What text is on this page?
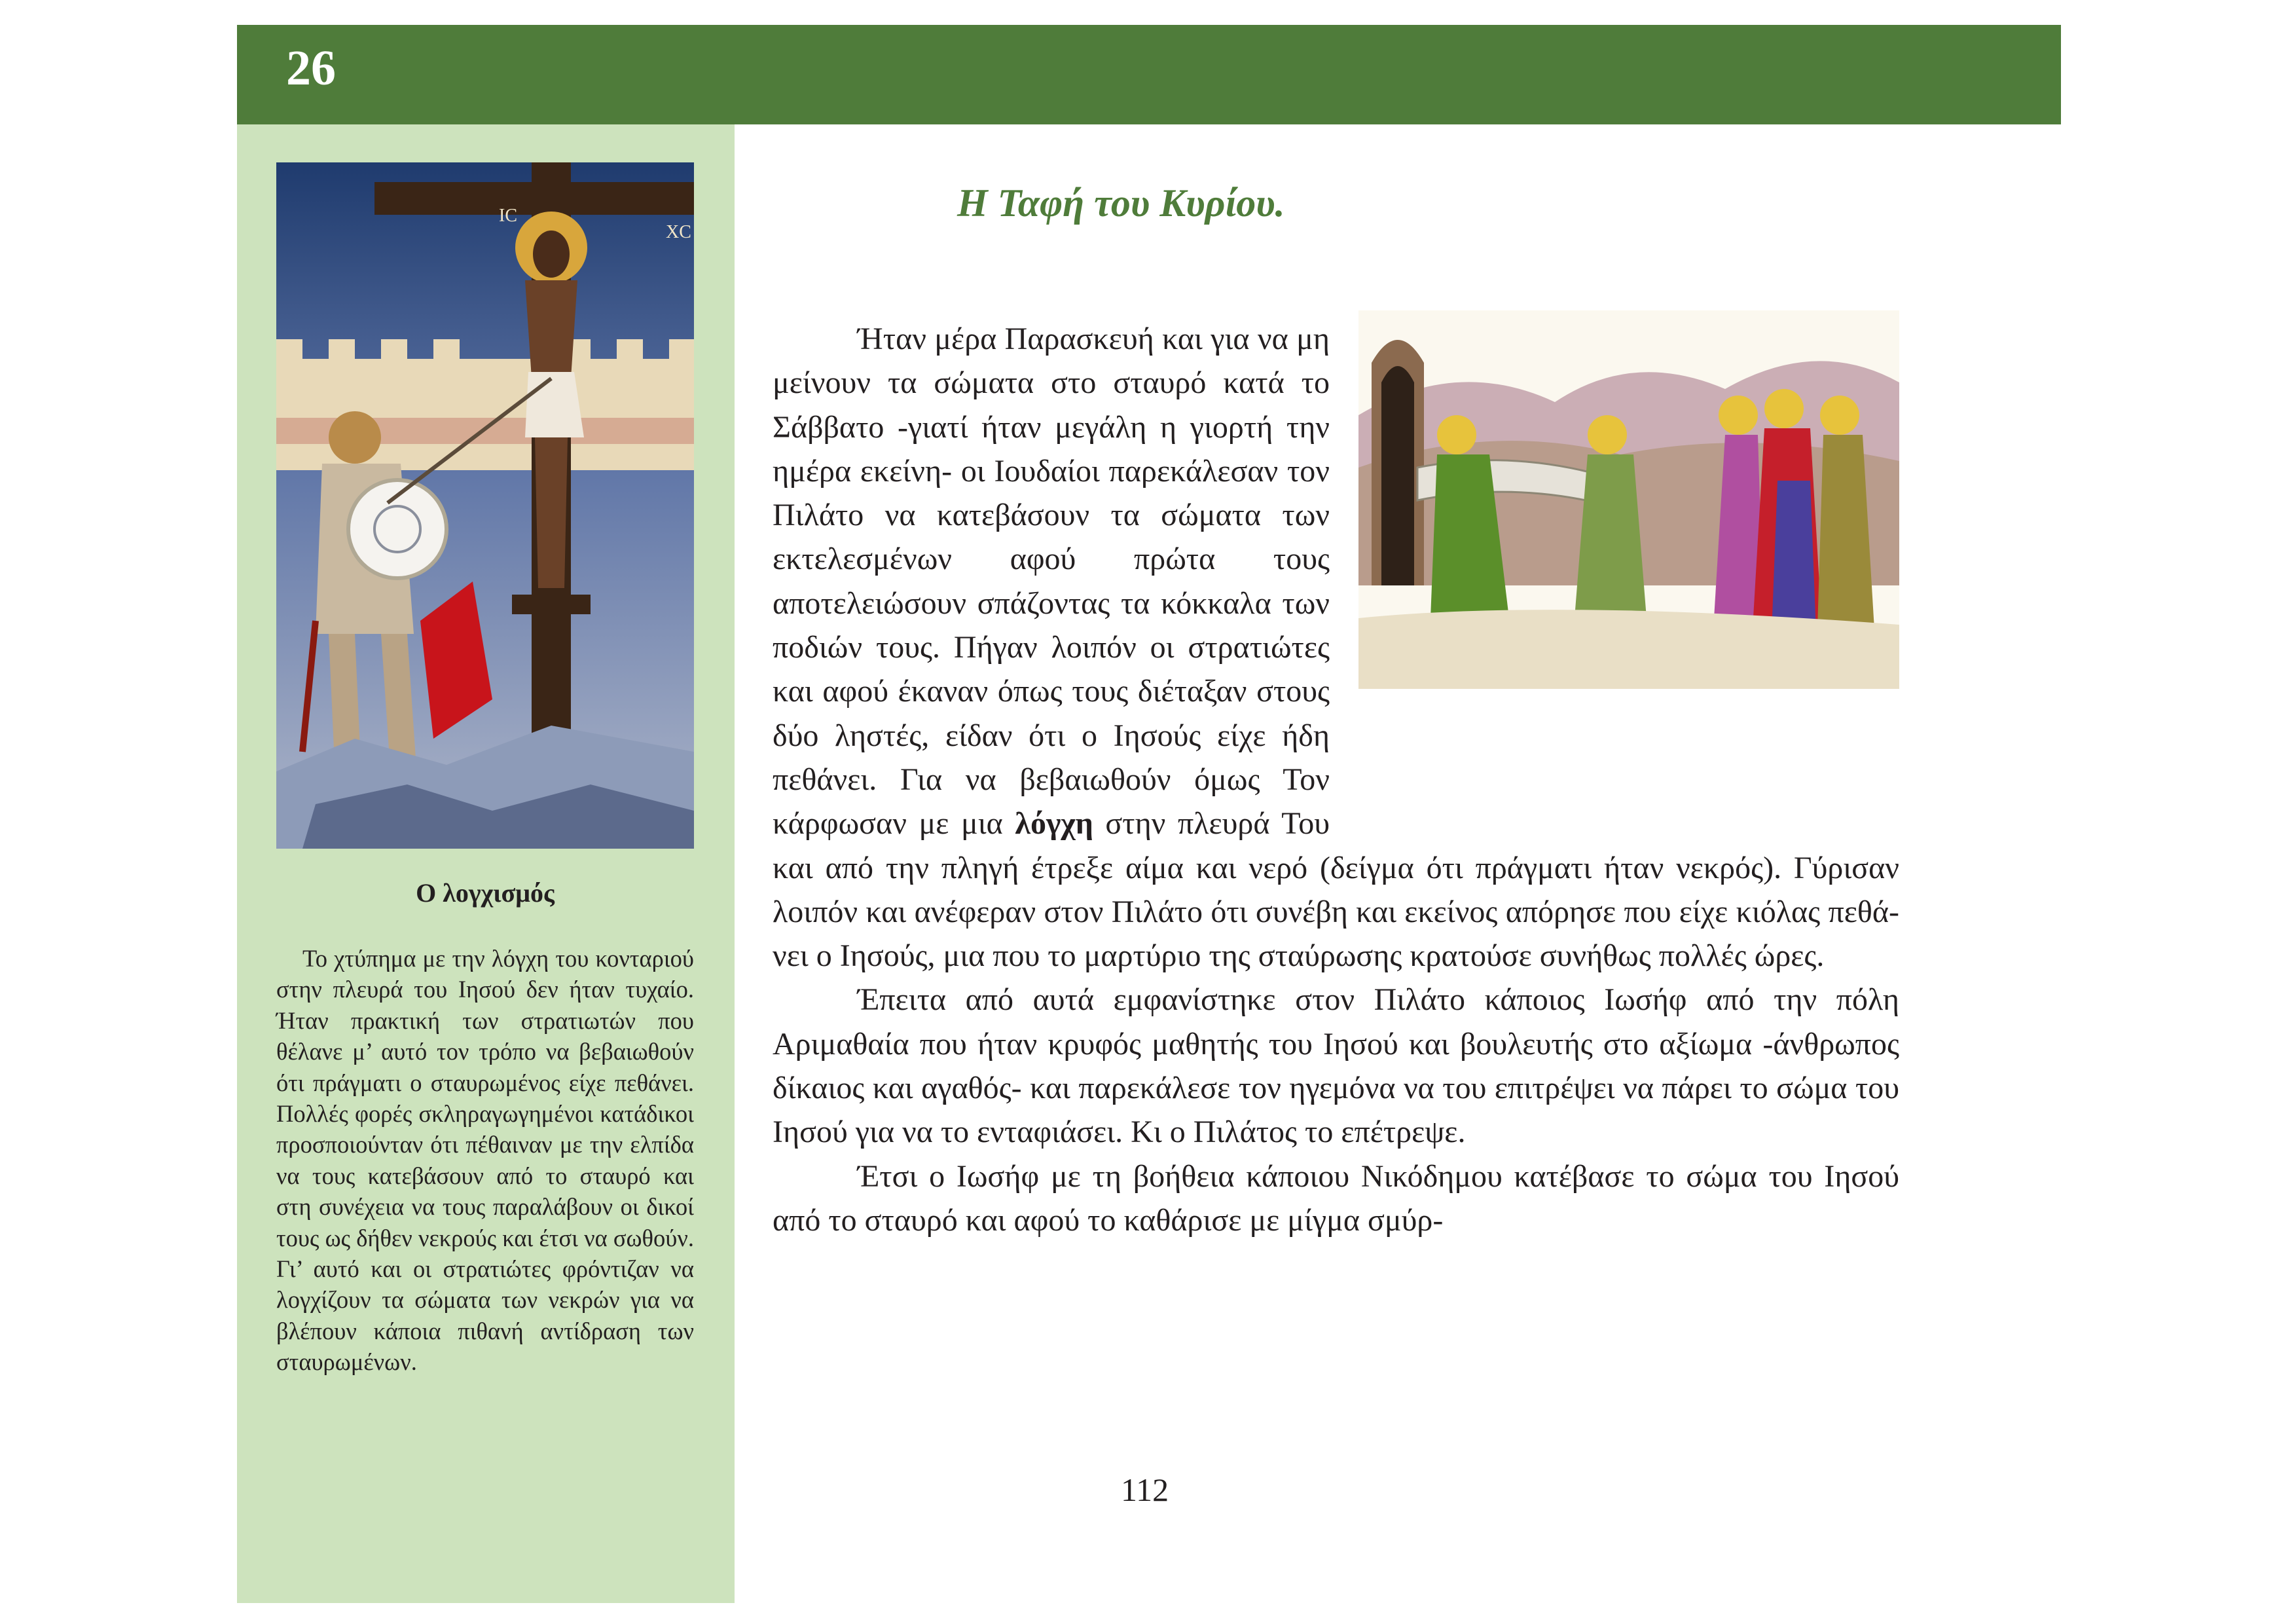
26
ΙC
XC
Ο λογχισμός
Το χτύπημα με την λόγχη του κονταριού στην πλευρά του Ιησού δεν ήταν τυχαίο. Ήταν πρακτική των στρατιωτών που θέλανε μ’ αυτό τον τρόπο να βεβαιωθούν ότι πράγματι ο σταυρωμένος είχε πεθάνει. Πολλές φορές σκληραγωγημένοι κατάδικοι προσποιούνταν ότι πέθαιναν με την ελπίδα να τους κατεβάσουν από το σταυρό και στη συνέχεια να τους παραλάβουν οι δικοί τους ως δήθεν νεκρούς και έτσι να σωθούν. Γι’ αυτό και οι στρατιώτες φρόντιζαν να λογχίζουν τα σώματα των νεκρών για να βλέπουν κάποια πιθανή αντίδραση των σταυρωμένων.
Η Ταφή του Κυρίου.

Ήταν μέρα Παρασκευή και για να μη μείνουν τα σώματα στο σταυρό κατά το Σάββατο -γιατί ήταν μεγάλη η γιορτή την ημέρα εκείνη- οι Ιουδαίοι παρεκάλεσαν τον Πιλάτο να κατεβάσουν τα σώματα των εκτελεσμένων αφού πρώτα τους αποτελειώσουν σπάζοντας τα κόκκαλα των ποδιών τους. Πήγαν λοιπόν οι στρατιώτες και αφού έκαναν όπως τους διέταξαν στους δύο ληστές, είδαν ότι ο Ιησούς είχε ήδη πεθάνει. Για να βεβαιωθούν όμως Τον κάρφωσαν με μια λόγχη στην πλευρά Του και από την πληγή έτρεξε αίμα και νερό (δείγμα ότι πράγματι ήταν νεκρός). Γύρισαν λοιπόν και ανέφεραν στον Πιλάτο ότι συνέβη και εκείνος απόρησε που είχε κιόλας πεθάνει ο Ιησούς, μια που το μαρτύριο της σταύρωσης κρατούσε συνήθως πολλές ώρες.

Έπειτα από αυτά εμφανίστηκε στον Πιλάτο κάποιος Ιωσήφ από την πόλη Αριμαθαία που ήταν κρυφός μαθητής του Ιησού και βουλευτής στο αξίωμα -άνθρωπος δίκαιος και αγαθός- και παρεκάλεσε τον ηγεμόνα να του επιτρέψει να πάρει το σώμα του Ιησού για να το ενταφιάσει. Κι ο Πιλάτος το επέτρεψε.

Έτσι ο Ιωσήφ με τη βοήθεια κάποιου Νικόδημου κατέβασε το σώμα του Ιησού από το σταυρό και αφού το καθάρισε με μίγμα σμύρ-

112
